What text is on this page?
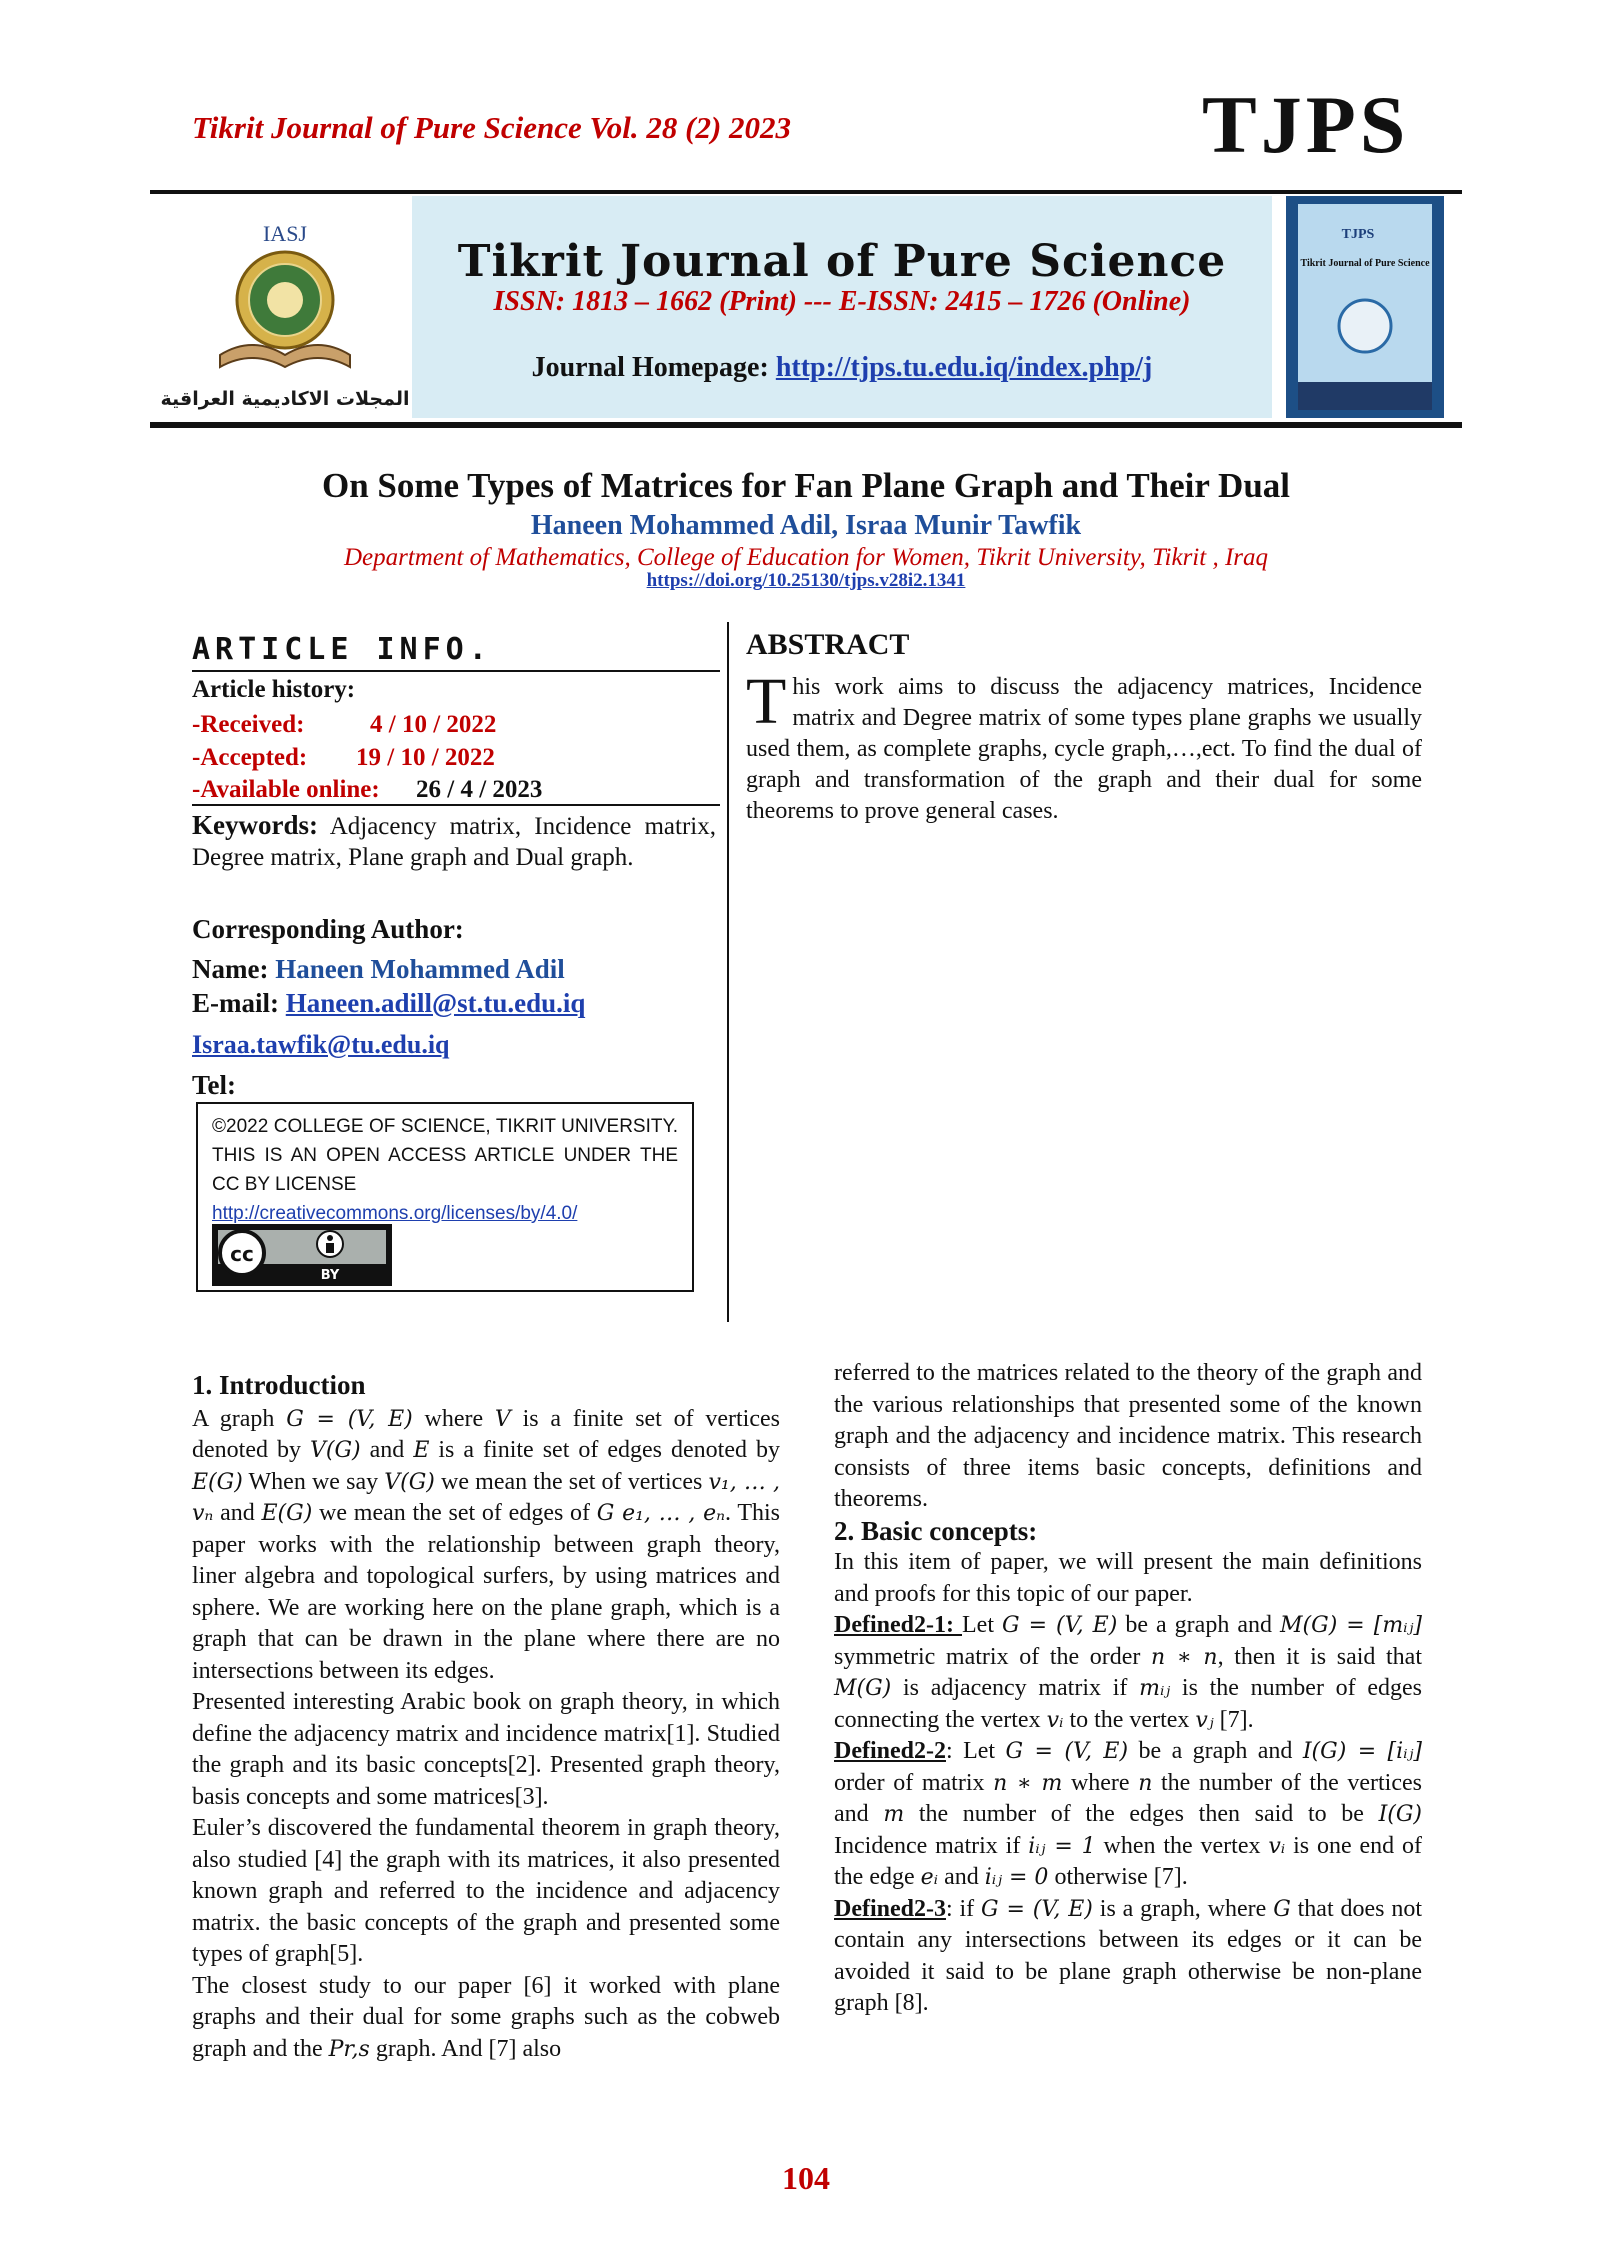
Tikrit Journal of Pure Science Vol. 28 (2) 2023	TJPS
IASJ
المجلات الاكاديمية العراقية
Tikrit Journal of Pure Science
ISSN: 1813 – 1662 (Print) --- E-ISSN: 2415 – 1726 (Online)
Journal Homepage: http://tjps.tu.edu.iq/index.php/j
TJPS
Tikrit Journal of Pure Science
On Some Types of Matrices for Fan Plane Graph and Their Dual
Haneen Mohammed Adil, Israa Munir Tawfik
Department of Mathematics, College of Education for Women, Tikrit University, Tikrit , Iraq
https://doi.org/10.25130/tjps.v28i2.1341
ARTICLE INFO.
Article history:
-Received:	4 / 10 / 2022
-Accepted: 19 / 10 / 2022
-Available online: 26 / 4 / 2023
Keywords: Adjacency matrix, Incidence matrix, Degree matrix, Plane graph and Dual graph.
Corresponding Author:
Name: Haneen Mohammed Adil
E-mail: Haneen.adill@st.tu.edu.iq
Israa.tawfik@tu.edu.iq
Tel:
©2022 COLLEGE OF SCIENCE, TIKRIT UNIVERSITY. THIS IS AN OPEN ACCESS ARTICLE UNDER THE CC BY LICENSE
http://creativecommons.org/licenses/by/4.0/
cc
BY
ABSTRACT
This work aims to discuss the adjacency matrices, Incidence matrix and Degree matrix of some types plane graphs we usually used them, as complete graphs, cycle graph,…,ect. To find the dual of graph and transformation of the graph and their dual for some theorems to prove general cases.
1. Introduction

A graph G = (V, E) where V is a finite set of vertices denoted by V(G) and E is a finite set of edges denoted by E(G) When we say V(G) we mean the set of vertices v₁, … , vₙ and E(G) we mean the set of edges of G e₁, … , eₙ. This paper works with the relationship between graph theory, liner algebra and topological surfers, by using matrices and sphere. We are working here on the plane graph, which is a graph that can be drawn in the plane where there are no intersections between its edges.

Presented interesting Arabic book on graph theory, in which define the adjacency matrix and incidence matrix[1]. Studied the graph and its basic concepts[2]. Presented graph theory, basis concepts and some matrices[3].

Euler’s discovered the fundamental theorem in graph theory, also studied [4] the graph with its matrices, it also presented known graph and referred to the incidence and adjacency matrix. the basic concepts of the graph and presented some types of graph[5].

The closest study to our paper [6] it worked with plane graphs and their dual for some graphs such as the cobweb graph and the Pr,s graph. And [7] also

referred to the matrices related to the theory of the graph and the various relationships that presented some of the known graph and the adjacency and incidence matrix. This research consists of three items basic concepts, definitions and theorems.

2. Basic concepts:

In this item of paper, we will present the main definitions and proofs for this topic of our paper.

Defined2-1: Let G = (V, E) be a graph and M(G) = [mᵢⱼ] symmetric matrix of the order n ∗ n, then it is said that M(G) is adjacency matrix if mᵢⱼ is the number of edges connecting the vertex vᵢ to the vertex vⱼ [7].

Defined2-2: Let G = (V, E) be a graph and I(G) = [iᵢⱼ] order of matrix n ∗ m where n the number of the vertices and m the number of the edges then said to be I(G) Incidence matrix if iᵢⱼ = 1 when the vertex vᵢ is one end of the edge eᵢ and iᵢⱼ = 0 otherwise [7].

Defined2-3: if G = (V, E) is a graph, where G that does not contain any intersections between its edges or it can be avoided it said to be plane graph otherwise be non-plane graph [8].

104
